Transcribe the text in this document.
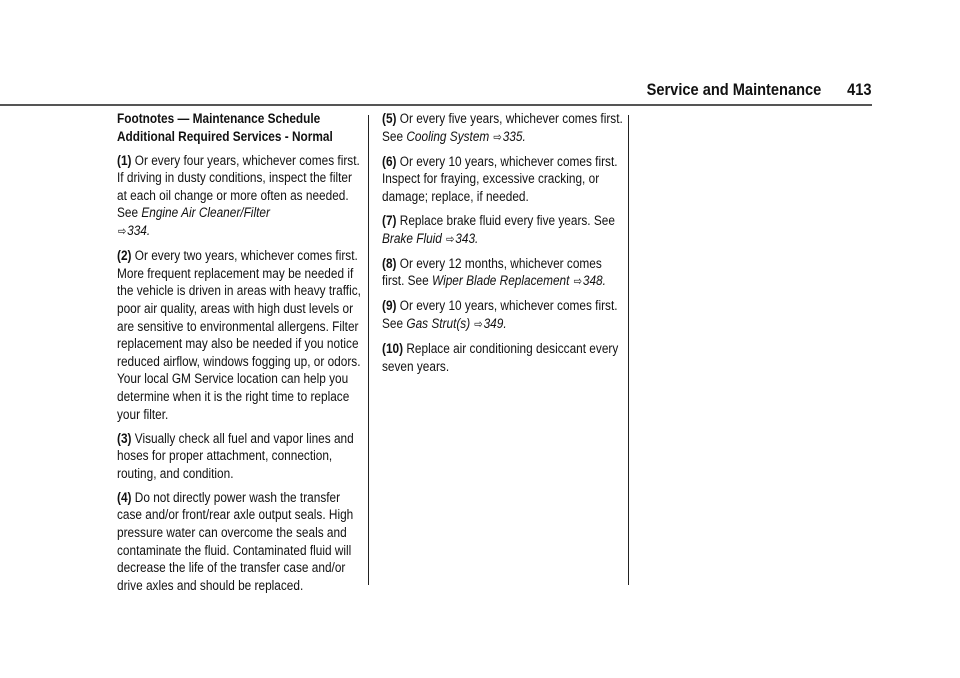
Service and Maintenance 413

Footnotes — Maintenance Schedule
Additional Required Services - Normal

(1) Or every four years, whichever comes first. If driving in dusty conditions, inspect the filter at each oil change or more often as needed. See Engine Air Cleaner/Filter
⇨334.

(2) Or every two years, whichever comes first. More frequent replacement may be needed if the vehicle is driven in areas with heavy traffic, poor air quality, areas with high dust levels or are sensitive to environmental allergens. Filter replacement may also be needed if you notice reduced airflow, windows fogging up, or odors. Your local GM Service location can help you determine when it is the right time to replace your filter.

(3) Visually check all fuel and vapor lines and hoses for proper attachment, connection, routing, and condition.

(4) Do not directly power wash the transfer case and/or front/rear axle output seals. High pressure water can overcome the seals and contaminate the fluid. Contaminated fluid will decrease the life of the transfer case and/or drive axles and should be replaced.

(5) Or every five years, whichever comes first. See Cooling System ⇨335.

(6) Or every 10 years, whichever comes first. Inspect for fraying, excessive cracking, or damage; replace, if needed.

(7) Replace brake fluid every five years. See
Brake Fluid ⇨343.

(8) Or every 12 months, whichever comes first. See Wiper Blade Replacement ⇨348.

(9) Or every 10 years, whichever comes first. See Gas Strut(s) ⇨349.

(10) Replace air conditioning desiccant every seven years.
